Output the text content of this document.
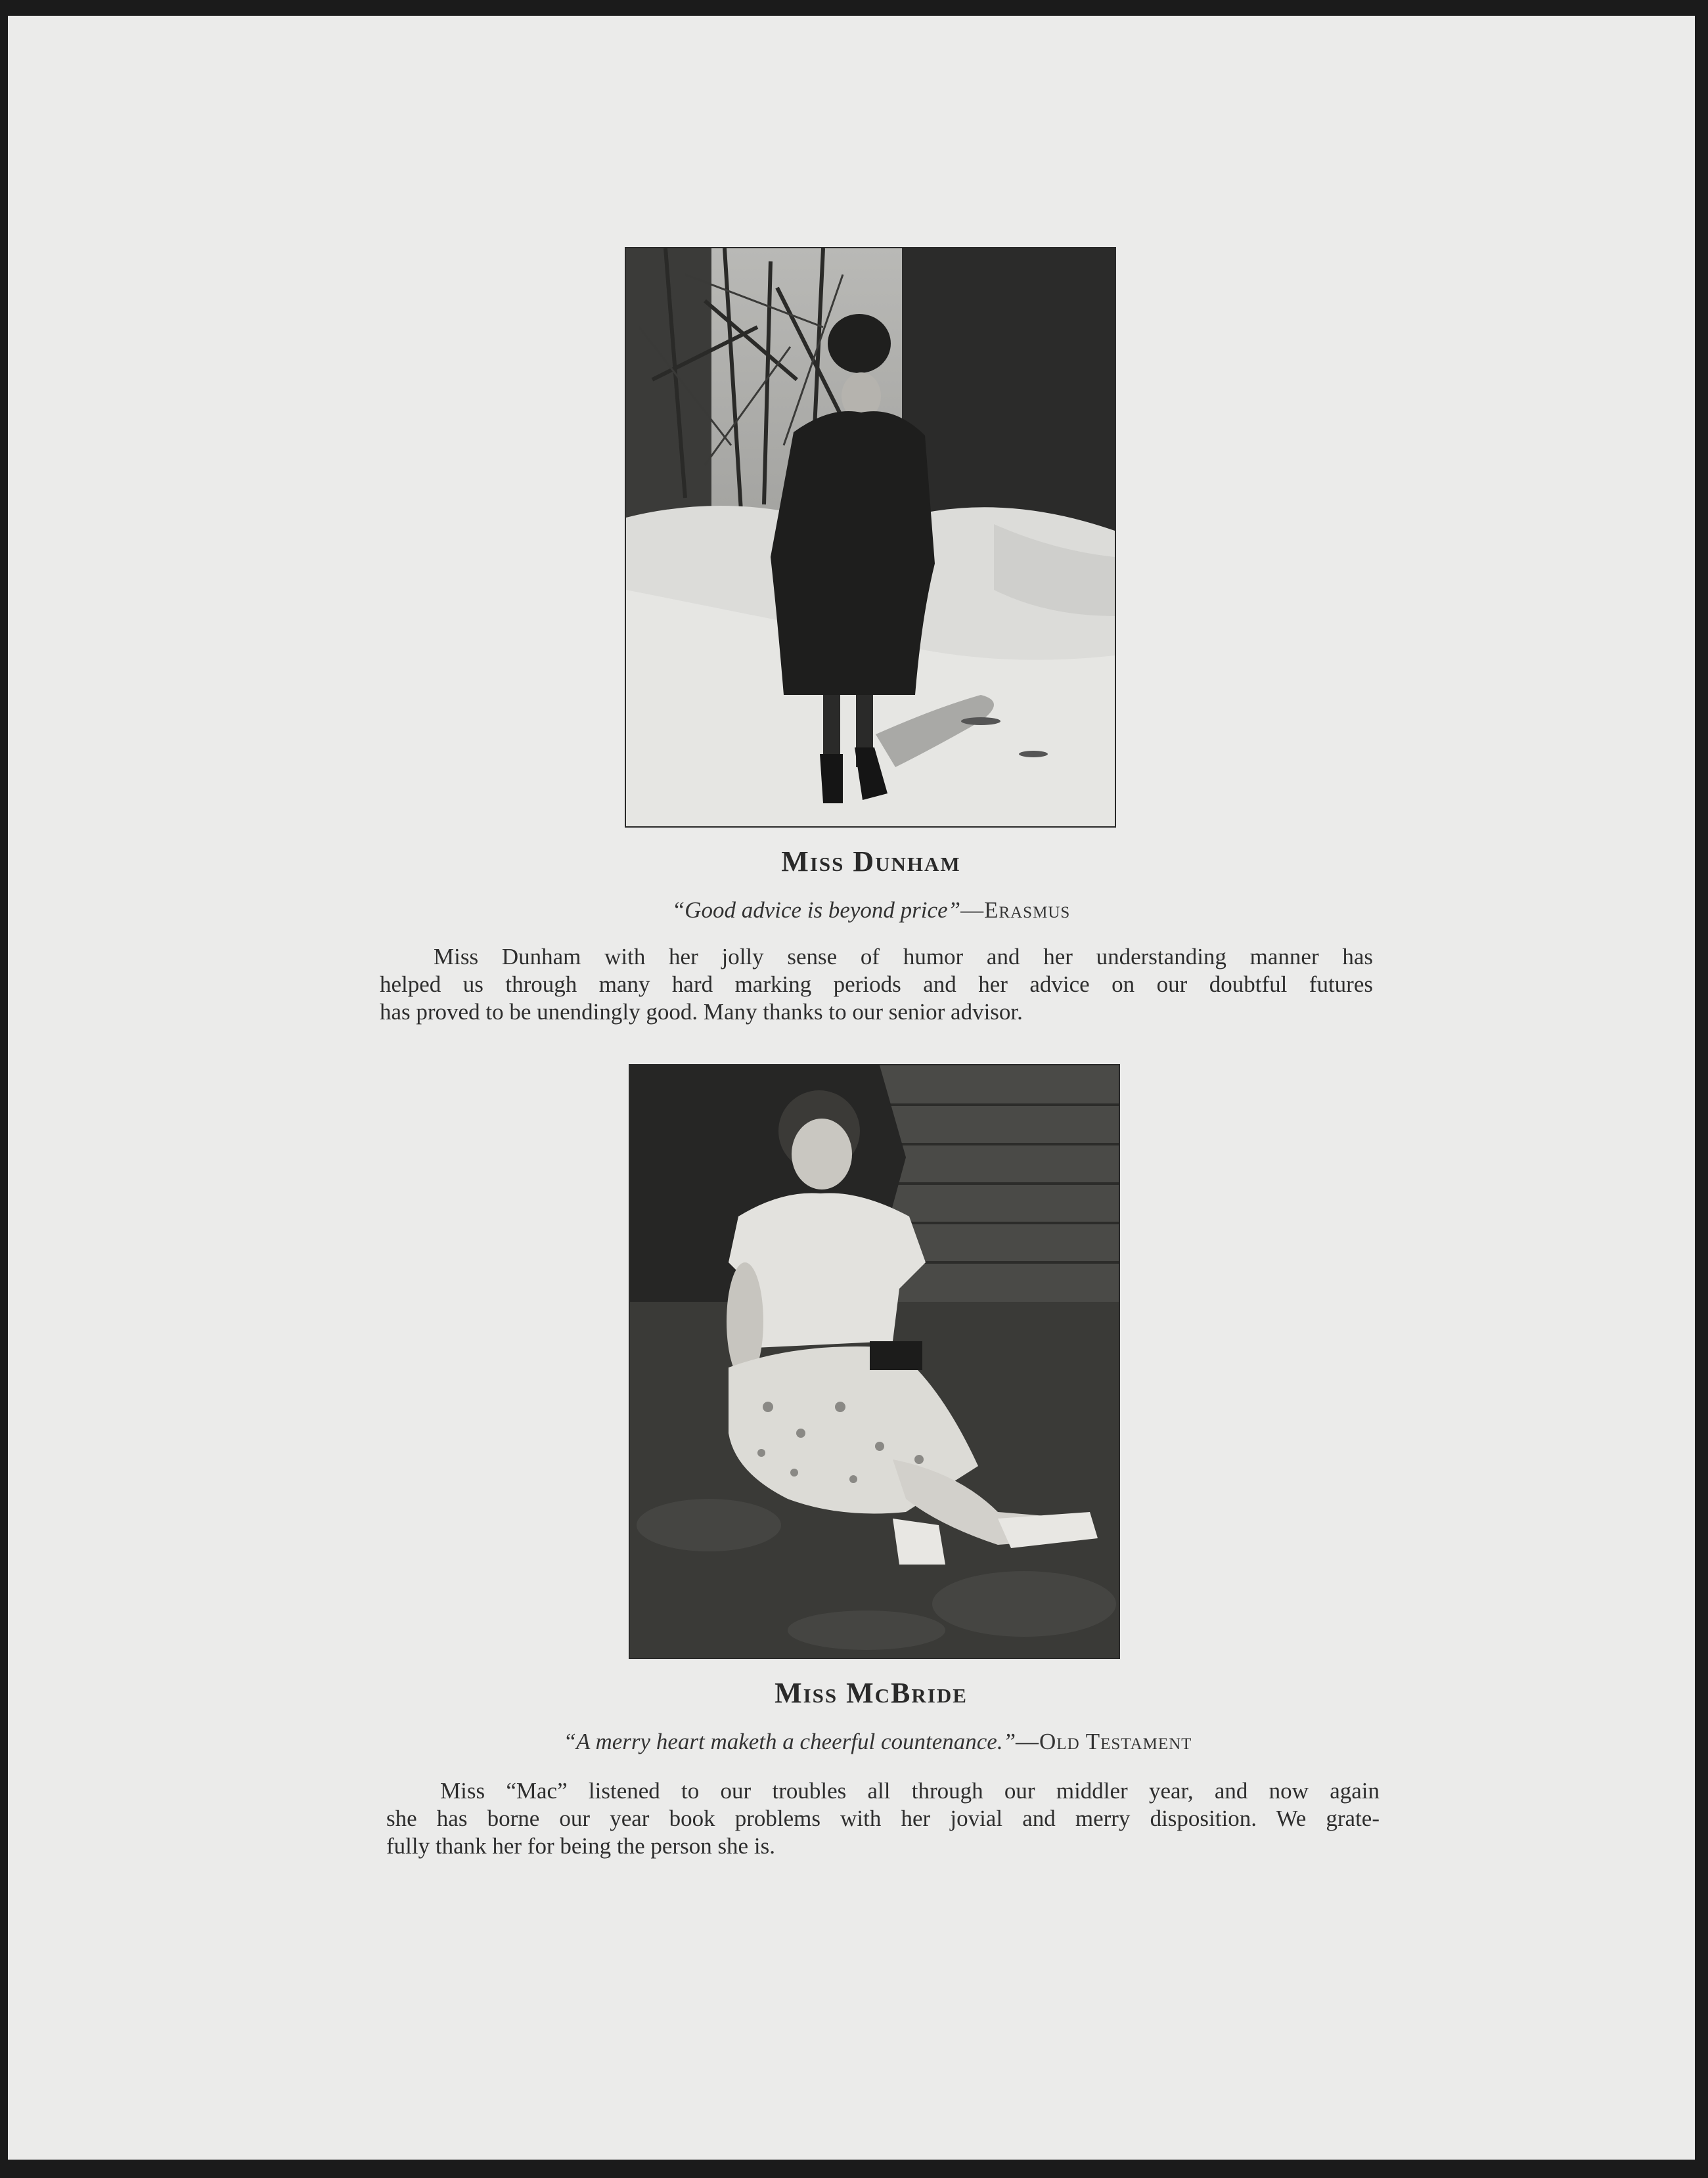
Miss Dunham

“Good advice is beyond price”—Erasmus

Miss Dunham with her jolly sense of humor and her understanding manner has
helped us through many hard marking periods and her advice on our doubtful futures
has proved to be unendingly good. Many thanks to our senior advisor.

Miss McBride

“A merry heart maketh a cheerful countenance.”—Old Testament

Miss “Mac” listened to our troubles all through our middler year, and now again
she has borne our year book problems with her jovial and merry disposition. We grate-
fully thank her for being the person she is.
